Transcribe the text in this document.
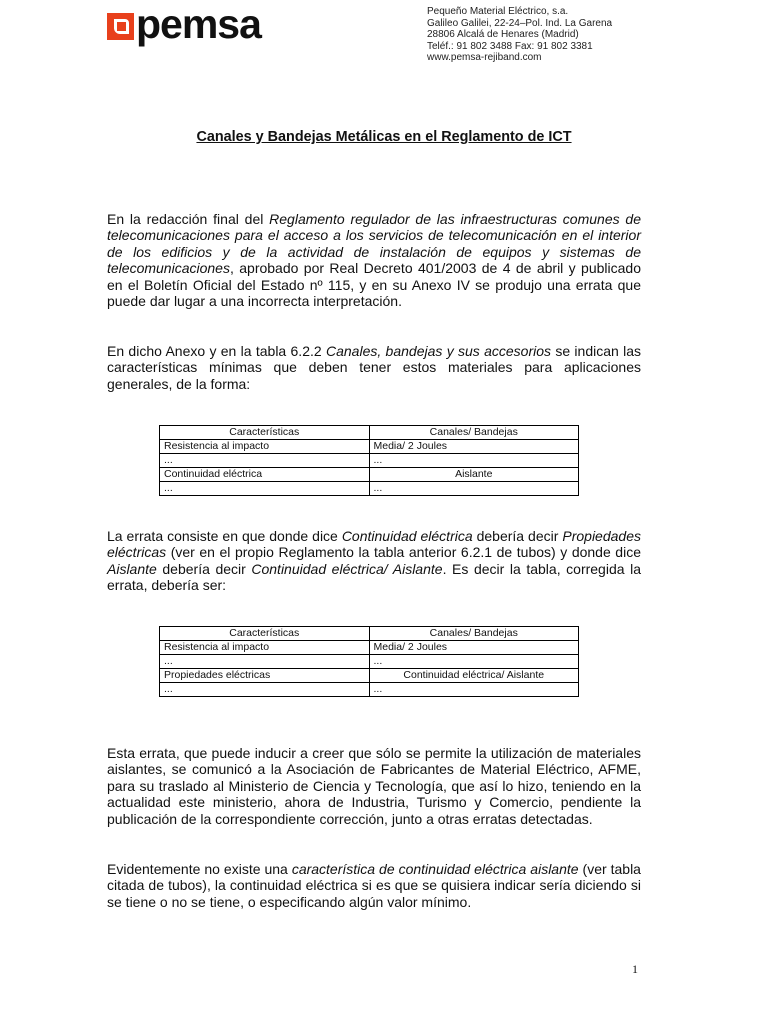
pemsa	Pequeño Material Eléctrico, s.a.
Galileo Galilei, 22-24–Pol. Ind. La Garena
28806 Alcalá de Henares (Madrid)
Teléf.: 91 802 3488 Fax: 91 802 3381
www.pemsa-rejiband.com
Canales y Bandejas Metálicas en el Reglamento de ICT
En la redacción final del Reglamento regulador de las infraestructuras comunes de telecomunicaciones para el acceso a los servicios de telecomunicación en el interior de los edificios y de la actividad de instalación de equipos y sistemas de telecomunicaciones, aprobado por Real Decreto 401/2003 de 4 de abril y publicado en el Boletín Oficial del Estado nº 115, y en su Anexo IV se produjo una errata que puede dar lugar a una incorrecta interpretación.
En dicho Anexo y en la tabla 6.2.2 Canales, bandejas y sus accesorios se indican las características mínimas que deben tener estos materiales para aplicaciones generales, de la forma:
Características	Canales/ Bandejas
Resistencia al impacto	Media/ 2 Joules
...	...
Continuidad eléctrica	Aislante
...	...
La errata consiste en que donde dice Continuidad eléctrica debería decir Propiedades eléctricas (ver en el propio Reglamento la tabla anterior 6.2.1 de tubos) y donde dice Aislante debería decir Continuidad eléctrica/ Aislante. Es decir la tabla, corregida la errata, debería ser:
Características	Canales/ Bandejas
Resistencia al impacto	Media/ 2 Joules
...	...
Propiedades eléctricas	Continuidad eléctrica/ Aislante
...	...
Esta errata, que puede inducir a creer que sólo se permite la utilización de materiales aislantes, se comunicó a la Asociación de Fabricantes de Material Eléctrico, AFME, para su traslado al Ministerio de Ciencia y Tecnología, que así lo hizo, teniendo en la actualidad este ministerio, ahora de Industria, Turismo y Comercio, pendiente la publicación de la correspondiente corrección, junto a otras erratas detectadas.
Evidentemente no existe una característica de continuidad eléctrica aislante (ver tabla citada de tubos), la continuidad eléctrica si es que se quisiera indicar sería diciendo si se tiene o no se tiene, o especificando algún valor mínimo.
1
